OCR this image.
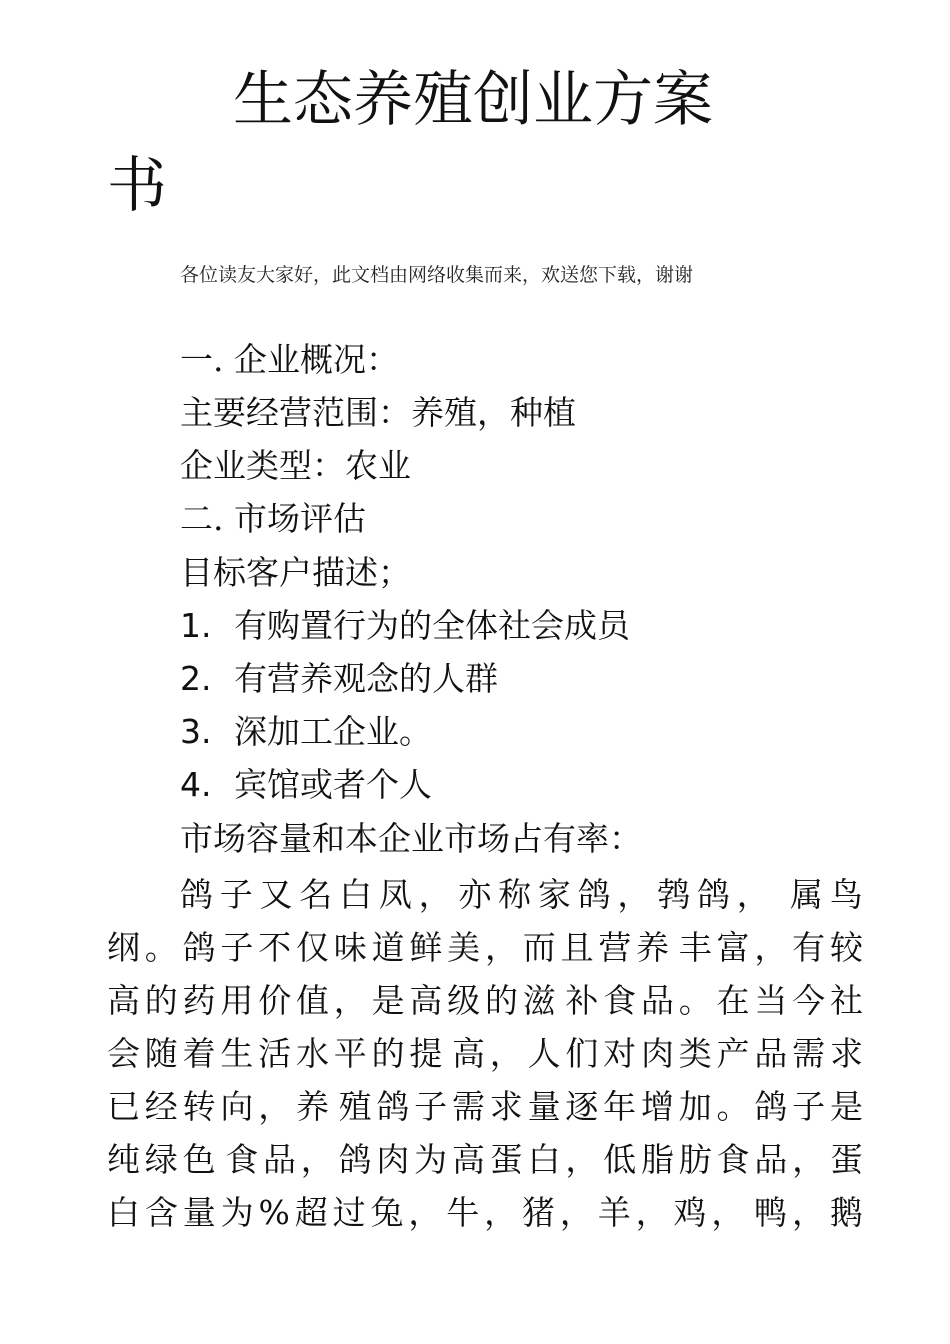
生态养殖创业方案
书
各位读友大家好，此文档由网络收集而来，欢送您下载，谢谢
一. 企业概况：
主要经营范围：养殖，种植
企业类型：农业
二. 市场评估
目标客户描述；
1. 有购置行为的全体社会成员
2. 有营养观念的人群
3. 深加工企业。
4. 宾馆或者个人
市场容量和本企业市场占有率：
鸽 子 又 名 白 凤 ， 亦 称 家 鸽 ， 鹁 鸽 ， 属 鸟
纲 。 鸽 子 不 仅 味 道 鲜 美 ， 而 且 营 养 丰 富 ， 有 较
高 的 药 用 价 值 ， 是 高 级 的 滋 补 食 品 。 在 当 今 社
会 随 着 生 活 水 平 的 提 高 ， 人 们 对 肉 类 产 品 需 求
已 经 转 向 ， 养 殖 鸽 子 需 求 量 逐 年 增 加 。 鸽 子 是
纯 绿 色 食 品 ， 鸽 肉 为 高 蛋 白 ， 低 脂 肪 食 品 ， 蛋
白 含 量 为 % 超 过 兔 ， 牛 ， 猪 ， 羊 ， 鸡 ， 鸭 ， 鹅
